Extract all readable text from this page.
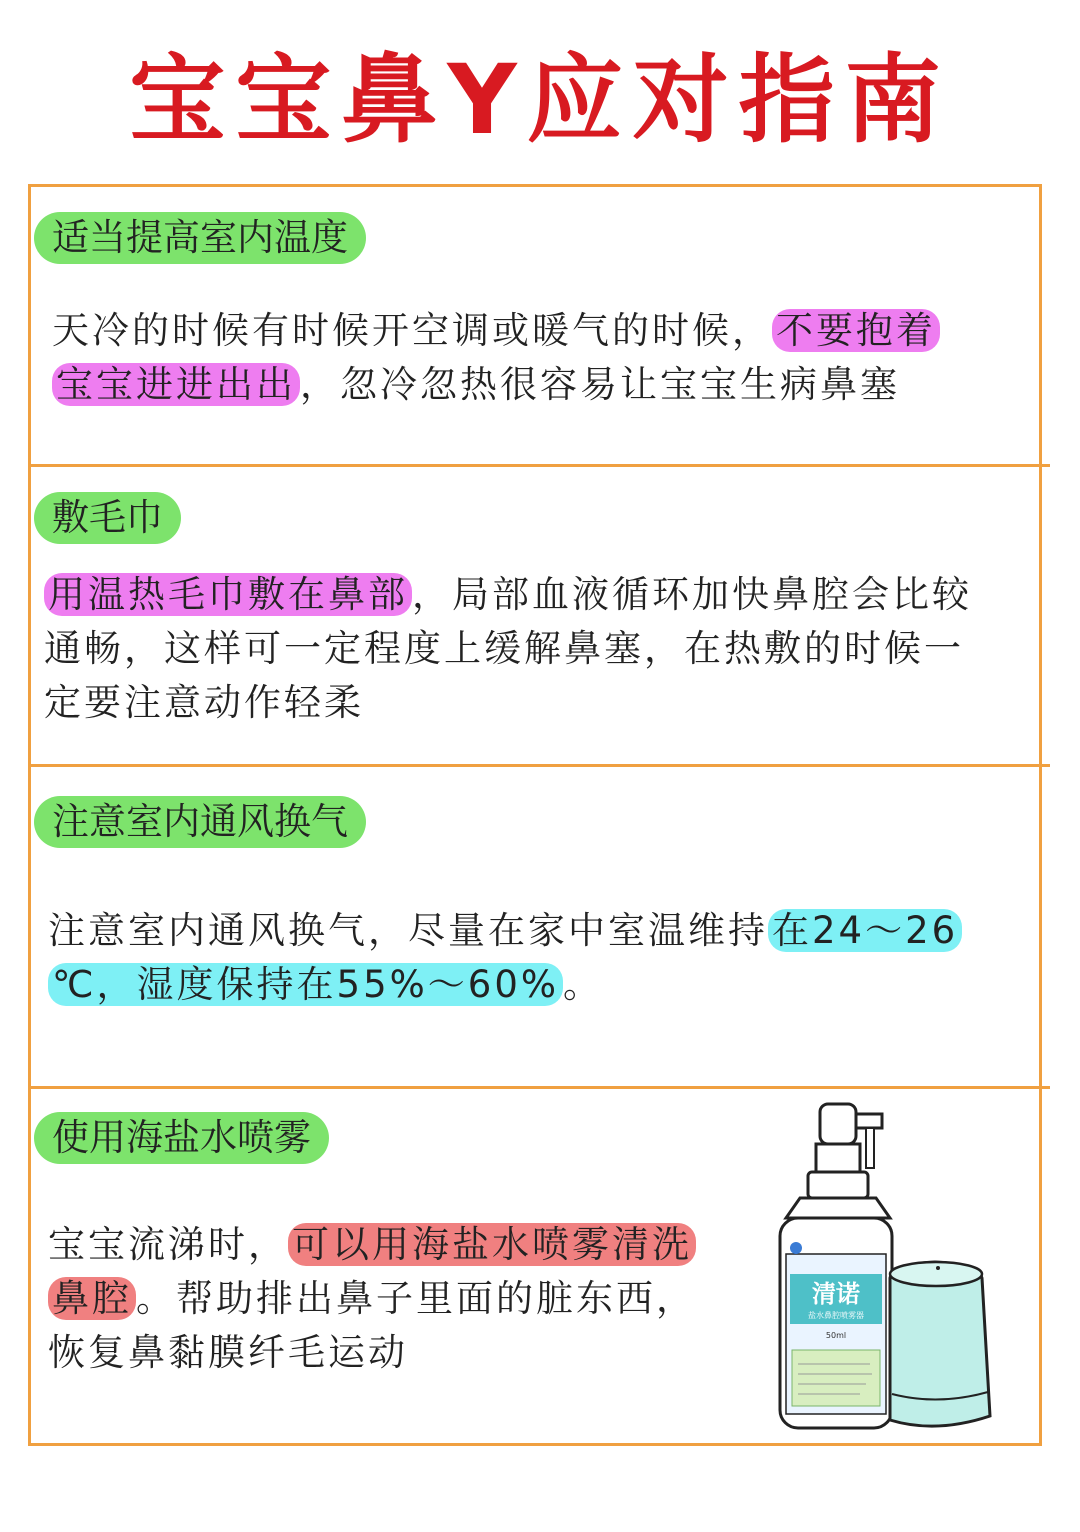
宝宝鼻Y应对指南
适当提高室内温度
天冷的时候有时候开空调或暖气的时候， 不要抱着
宝宝进进出出 ，忽冷忽热很容易让宝宝生病鼻塞
敷毛巾
用温热毛巾敷在鼻部 ，局部血液循环加快鼻腔会比较
通畅，这样可一定程度上缓解鼻塞，在热敷的时候一
定要注意动作轻柔
注意室内通风换气
注意室内通风换气，尽量在家中室温维持 在24～26
℃，湿度保持在55%～60% 。
使用海盐水喷雾
宝宝流涕时， 可以用海盐水喷雾清洗
鼻腔 。帮助排出鼻子里面的脏东西，
恢复鼻黏膜纤毛运动
清诺
盐水鼻腔喷雾器
50ml
